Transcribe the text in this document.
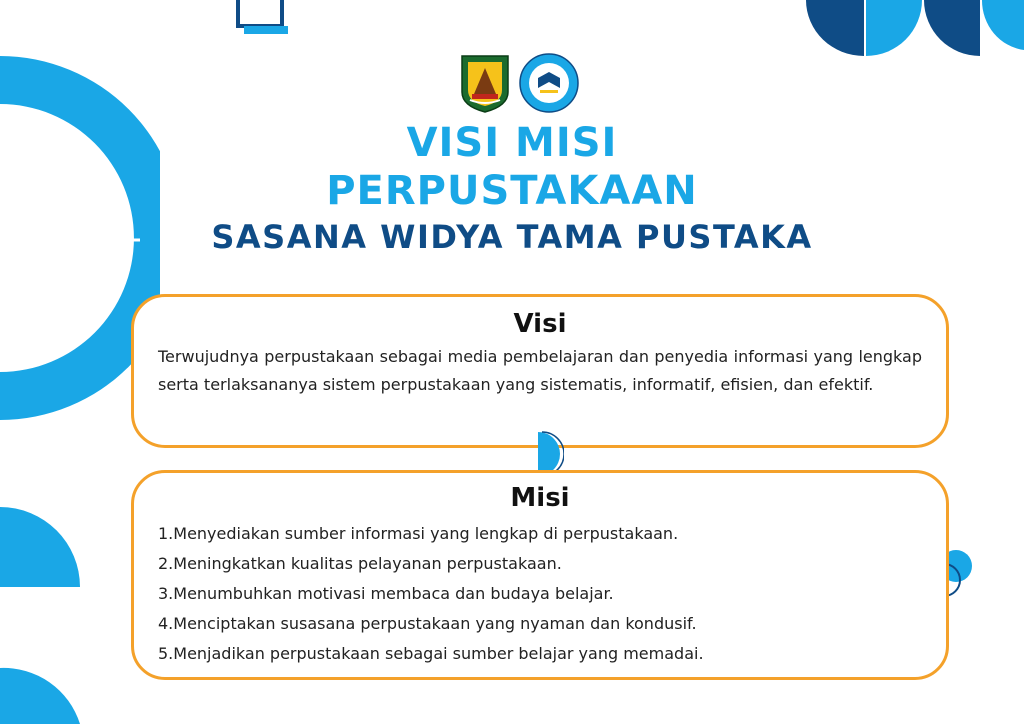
VISI MISI
PERPUSTAKAAN
SASANA WIDYA TAMA PUSTAKA
Visi

Terwujudnya perpustakaan sebagai media pembelajaran dan penyedia informasi yang lengkap serta terlaksananya sistem perpustakaan yang sistematis, informatif, efisien, dan efektif.

Misi
1.Menyediakan sumber informasi yang lengkap di perpustakaan.
2.Meningkatkan kualitas pelayanan perpustakaan.
3.Menumbuhkan motivasi membaca dan budaya belajar.
4.Menciptakan susasana perpustakaan yang nyaman dan kondusif.
5.Menjadikan perpustakaan sebagai sumber belajar yang memadai.
